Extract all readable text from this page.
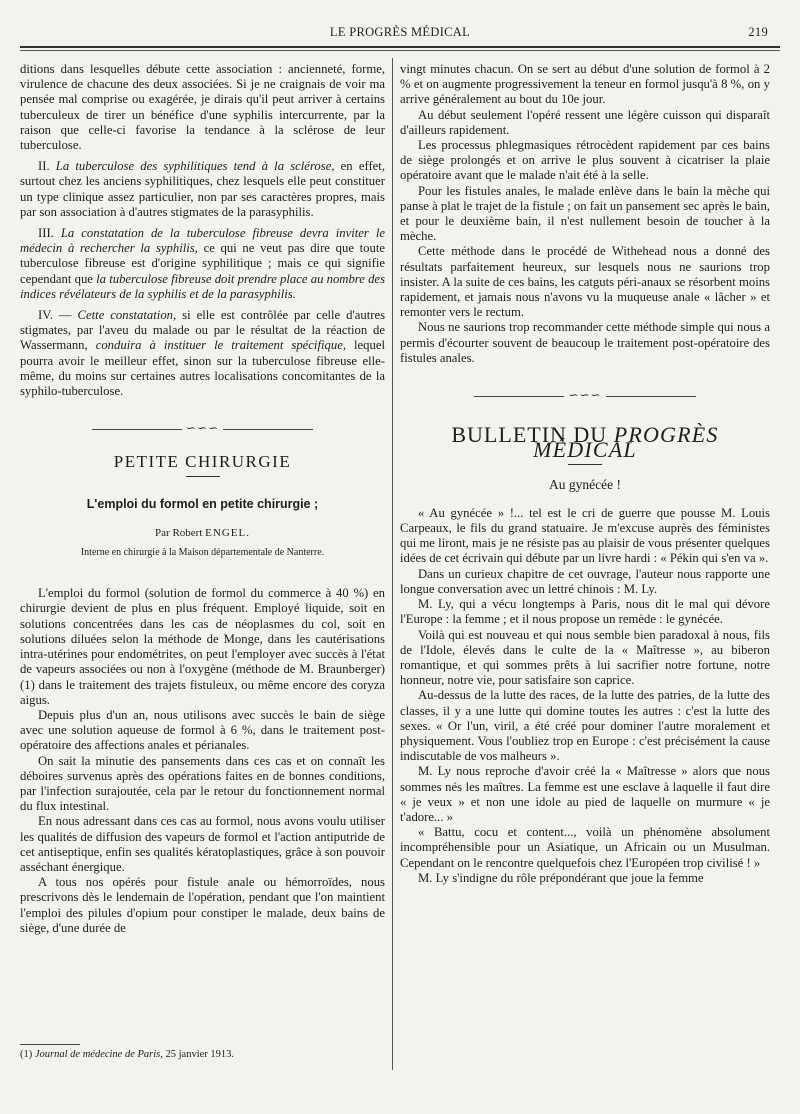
LE PROGRÈS MÉDICAL	219

ditions dans lesquelles débute cette association : ancienneté, forme, virulence de chacune des deux associées. Si je ne craignais de voir ma pensée mal comprise ou exagérée, je dirais qu'il peut arriver à certains tuberculeux de tirer un bénéfice d'une syphilis intercurrente, par la raison que celle-ci favorise la tendance à la sclérose de leur tuberculose.

II. La tuberculose des syphilitiques tend à la sclérose, en effet, surtout chez les anciens syphilitiques, chez lesquels elle peut constituer un type clinique assez particulier, non par ses caractères propres, mais par son association à d'autres stigmates de la parasyphilis.

III. La constatation de la tuberculose fibreuse devra inviter le médecin à rechercher la syphilis, ce qui ne veut pas dire que toute tuberculose fibreuse est d'origine syphilitique ; mais ce qui signifie cependant que la tuberculose fibreuse doit prendre place au nombre des indices révélateurs de la syphilis et de la parasyphilis.

IV. — Cette constatation, si elle est contrôlée par celle d'autres stigmates, par l'aveu du malade ou par le résultat de la réaction de Wassermann, conduira à instituer le traitement spécifique, lequel pourra avoir le meilleur effet, sinon sur la tuberculose fibreuse elle-même, du moins sur certaines autres localisations concomitantes de la syphilo-tuberculose.

∽∽∽
PETITE CHIRURGIE
L'emploi du formol en petite chirurgie ;
Par Robert ENGEL.
Interne en chirurgie à la Maison départementale de Nanterre.

L'emploi du formol (solution de formol du commerce à 40 %) en chirurgie devient de plus en plus fréquent. Employé liquide, soit en solutions concentrées dans les cas de néoplasmes du col, soit en solutions diluées selon la méthode de Monge, dans les cautérisations intra-utérines pour endométrites, on peut l'employer avec succès à l'état de vapeurs associées ou non à l'oxygène (méthode de M. Braunberger) (1) dans le traitement des trajets fistuleux, ou même encore des coryza aigus.

Depuis plus d'un an, nous utilisons avec succès le bain de siège avec une solution aqueuse de formol à 6 %, dans le traitement post-opératoire des affections anales et périanales.

On sait la minutie des pansements dans ces cas et on connaît les déboires survenus après des opérations faites en de bonnes conditions, par l'infection surajoutée, cela par le retour du fonctionnement normal du flux intestinal.

En nous adressant dans ces cas au formol, nous avons voulu utiliser les qualités de diffusion des vapeurs de formol et l'action antiputride de cet antiseptique, enfin ses qualités kératoplastiques, grâce à son pouvoir asséchant énergique.

A tous nos opérés pour fistule anale ou hémorroïdes, nous prescrivons dès le lendemain de l'opération, pendant que l'on maintient l'emploi des pilules d'opium pour constiper le malade, deux bains de siège, d'une durée de

(1) Journal de médecine de Paris, 25 janvier 1913.

vingt minutes chacun. On se sert au début d'une solution de formol à 2 % et on augmente progressivement la teneur en formol jusqu'à 8 %, on y arrive généralement au bout du 10e jour.

Au début seulement l'opéré ressent une légère cuisson qui disparaît d'ailleurs rapidement.

Les processus phlegmasiques rétrocèdent rapidement par ces bains de siège prolongés et on arrive le plus souvent à cicatriser la plaie opératoire avant que le malade n'ait été à la selle.

Pour les fistules anales, le malade enlève dans le bain la mèche qui panse à plat le trajet de la fistule ; on fait un pansement sec après le bain, et pour le deuxième bain, il n'est nullement besoin de toucher à la mèche.

Cette méthode dans le procédé de Withehead nous a donné des résultats parfaitement heureux, sur lesquels nous ne saurions trop insister. A la suite de ces bains, les catguts péri-anaux se résorbent moins rapidement, et jamais nous n'avons vu la muqueuse anale « lâcher » et remonter vers le rectum.

Nous ne saurions trop recommander cette méthode simple qui nous a permis d'écourter souvent de beaucoup le traitement post-opératoire des fistules anales.

∽∽∽
BULLETIN DU PROGRÈS MÉDICAL
Au gynécée !

« Au gynécée » !... tel est le cri de guerre que pousse M. Louis Carpeaux, le fils du grand statuaire. Je m'excuse auprès des féministes qui me liront, mais je ne résiste pas au plaisir de vous présenter quelques idées de cet écrivain qui débute par un livre hardi : « Pékin qui s'en va ».

Dans un curieux chapitre de cet ouvrage, l'auteur nous rapporte une longue conversation avec un lettré chinois : M. Ly.

M. Ly, qui a vécu longtemps à Paris, nous dit le mal qui dévore l'Europe : la femme ; et il nous propose un remède : le gynécée.

Voilà qui est nouveau et qui nous semble bien paradoxal à nous, fils de l'Idole, élevés dans le culte de la « Maîtresse », au biberon romantique, et qui sommes prêts à lui sacrifier notre fortune, notre honneur, notre vie, pour satisfaire son caprice.

Au-dessus de la lutte des races, de la lutte des patries, de la lutte des classes, il y a une lutte qui domine toutes les autres : c'est la lutte des sexes. « Or l'un, viril, a été créé pour dominer l'autre moralement et physiquement. Vous l'oubliez trop en Europe : c'est précisément la cause indiscutable de vos malheurs ».

M. Ly nous reproche d'avoir créé la « Maîtresse » alors que nous sommes nés les maîtres. La femme est une esclave à laquelle il faut dire « je veux » et non une idole au pied de laquelle on murmure « je t'adore... »

« Battu, cocu et content..., voilà un phénomène absolument incompréhensible pour un Asiatique, un Africain ou un Musulman. Cependant on le rencontre quelquefois chez l'Européen trop civilisé ! »

M. Ly s'indigne du rôle prépondérant que joue la femme
